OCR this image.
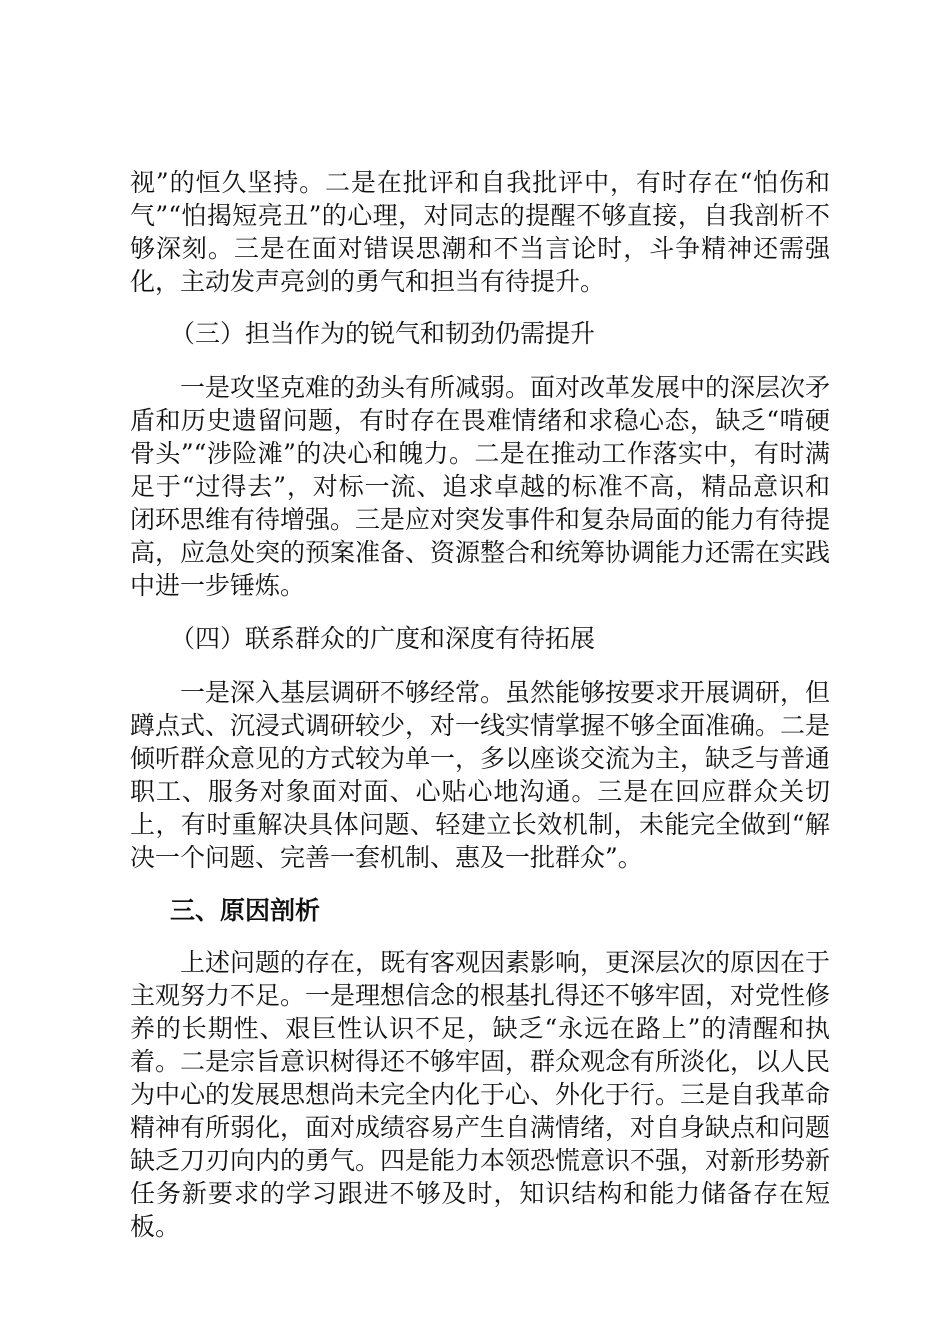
视”的恒久坚持。二是在批评和自我批评中，有时存在“怕伤和气”“怕揭短亮丑”的心理，对同志的提醒不够直接，自我剖析不够深刻。三是在面对错误思潮和不当言论时，斗争精神还需强化，主动发声亮剑的勇气和担当有待提升。

（三）担当作为的锐气和韧劲仍需提升

一是攻坚克难的劲头有所减弱。面对改革发展中的深层次矛盾和历史遗留问题，有时存在畏难情绪和求稳心态，缺乏“啃硬骨头”“涉险滩”的决心和魄力。二是在推动工作落实中，有时满足于“过得去”，对标一流、追求卓越的标准不高，精品意识和闭环思维有待增强。三是应对突发事件和复杂局面的能力有待提高，应急处突的预案准备、资源整合和统筹协调能力还需在实践中进一步锤炼。

（四）联系群众的广度和深度有待拓展

一是深入基层调研不够经常。虽然能够按要求开展调研，但蹲点式、沉浸式调研较少，对一线实情掌握不够全面准确。二是倾听群众意见的方式较为单一，多以座谈交流为主，缺乏与普通职工、服务对象面对面、心贴心地沟通。三是在回应群众关切上，有时重解决具体问题、轻建立长效机制，未能完全做到“解决一个问题、完善一套机制、惠及一批群众”。

三、原因剖析

上述问题的存在，既有客观因素影响，更深层次的原因在于主观努力不足。一是理想信念的根基扎得还不够牢固，对党性修养的长期性、艰巨性认识不足，缺乏“永远在路上”的清醒和执着。二是宗旨意识树得还不够牢固，群众观念有所淡化，以人民为中心的发展思想尚未完全内化于心、外化于行。三是自我革命精神有所弱化，面对成绩容易产生自满情绪，对自身缺点和问题缺乏刀刃向内的勇气。四是能力本领恐慌意识不强，对新形势新任务新要求的学习跟进不够及时，知识结构和能力储备存在短板。
